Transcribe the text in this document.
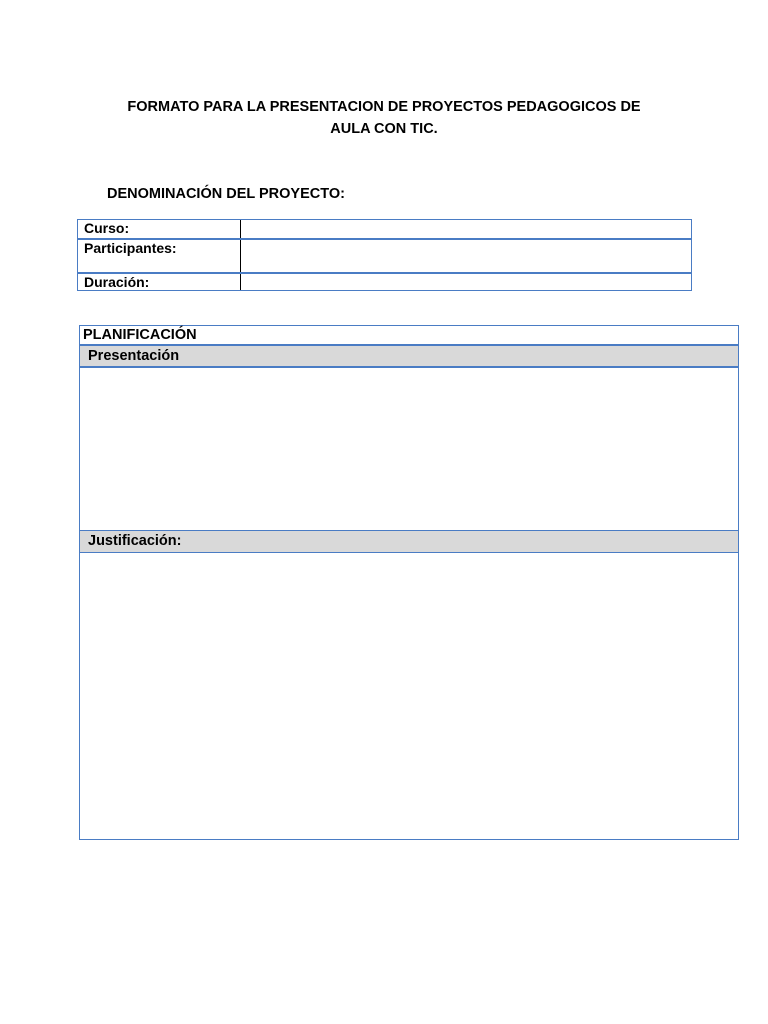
FORMATO PARA LA PRESENTACION DE PROYECTOS PEDAGOGICOS DE
AULA CON TIC.
DENOMINACIÓN DEL PROYECTO:
Curso:
Participantes:
Duración:
PLANIFICACIÓN
Presentación
Justificación:
